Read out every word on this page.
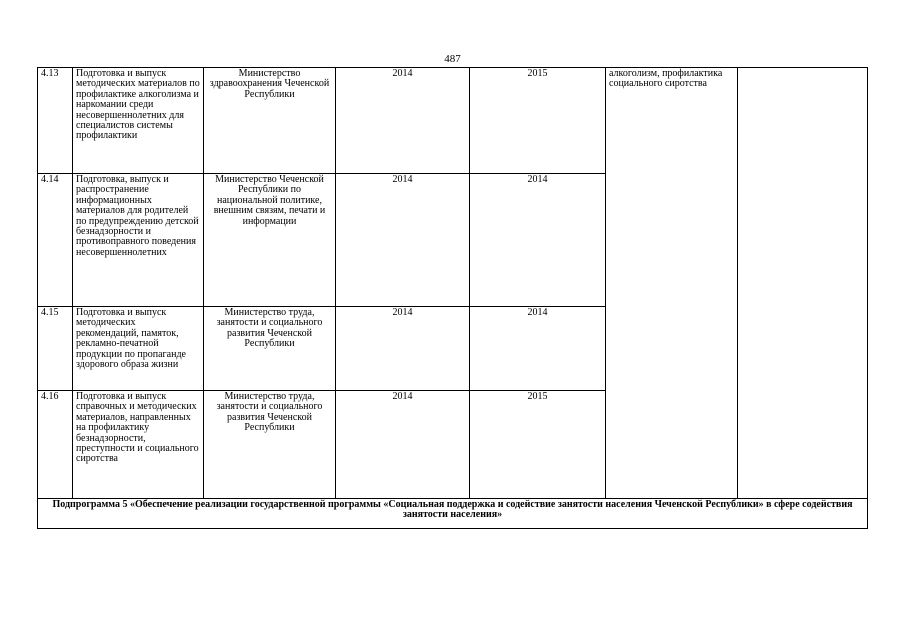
487
4.13	Подготовка и выпуск методических материалов по профилактике алкоголизма и наркомании среди несовершеннолетних для специалистов системы профилактики	Министерство здравоохранения Чеченской Республики	2014	2015	алкоголизм, профилактика социального сиротства	
4.14	Подготовка, выпуск и распространение информационных материалов для родителей по предупреждению детской безнадзорности и противоправного поведения несовершеннолетних	Министерство Чеченской Республики по национальной политике, внешним связям, печати и информации	2014	2014		
4.15	Подготовка и выпуск методических рекомендаций, памяток, рекламно-печатной продукции по пропаганде здорового образа жизни	Министерство труда, занятости и социального развития Чеченской Республики	2014	2014		
4.16	Подготовка и выпуск справочных и методических материалов, направленных на профилактику безнадзорности, преступности и социального сиротства	Министерство труда, занятости и социального развития Чеченской Республики	2014	2015		
Подпрограмма 5 «Обеспечение реализации государственной программы «Социальная поддержка и содействие занятости населения Чеченской Республики» в сфере содействия занятости населения»						
